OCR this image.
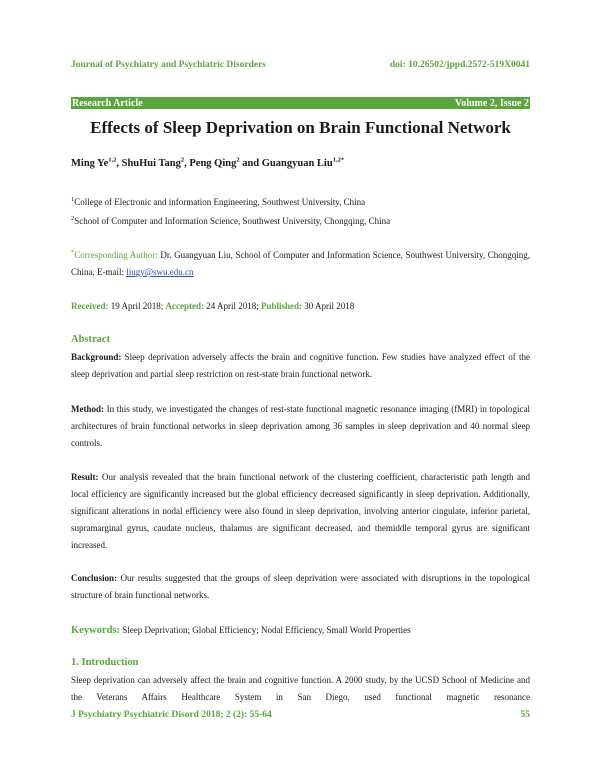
Journal of Psychiatry and Psychiatric Disorders	doi: 10.26502/jppd.2572-519X0041
Research Article	Volume 2, Issue 2
Effects of Sleep Deprivation on Brain Functional Network
Ming Ye$^{1,2}$, ShuHui Tang$^2$, Peng Qing$^2$ and Guangyuan Liu$^{1,2*}$
$^1$College of Electronic and information Engineering, Southwest University, China
$^2$School of Computer and Information Science, Southwest University, Chongqing, China
*Corresponding Author: Dr. Guangyuan Liu, School of Computer and Information Science, Southwest University, Chongqing, China, E-mail: liugy@swu.edu.cn
Received: 19 April 2018; Accepted: 24 April 2018; Published: 30 April 2018
Abstract
Background: Sleep deprivation adversely affects the brain and cognitive function. Few studies have analyzed effect of the sleep deprivation and partial sleep restriction on rest-state brain functional network.
Method: In this study, we investigated the changes of rest-state functional magnetic resonance imaging (fMRI) in topological architectures of brain functional networks in sleep deprivation among 36 samples in sleep deprivation and 40 normal sleep controls.
Result: Our analysis revealed that the brain functional network of the clustering coefficient, characteristic path length and local efficiency are significantly increased but the global efficiency decreased significantly in sleep deprivation. Additionally, significant alterations in nodal efficiency were also found in sleep deprivation, involving anterior cingulate, inferior parietal, supramarginal gyrus, caudate nucleus, thalamus are significant decreased, and themiddle temporal gyrus are significant increased.
Conclusion: Our results suggested that the groups of sleep deprivation were associated with disruptions in the topological structure of brain functional networks.
Keywords: Sleep Deprivation; Global Efficiency; Nodal Efficiency, Small World Properties
1. Introduction
Sleep deprivation can adversely affect the brain and cognitive function. A 2000 study, by the UCSD School of Medicine and the Veterans Affairs Healthcare System in San Diego, used functional magnetic resonance
J Psychiatry Psychiatric Disord 2018; 2 (2): 55-64	55
